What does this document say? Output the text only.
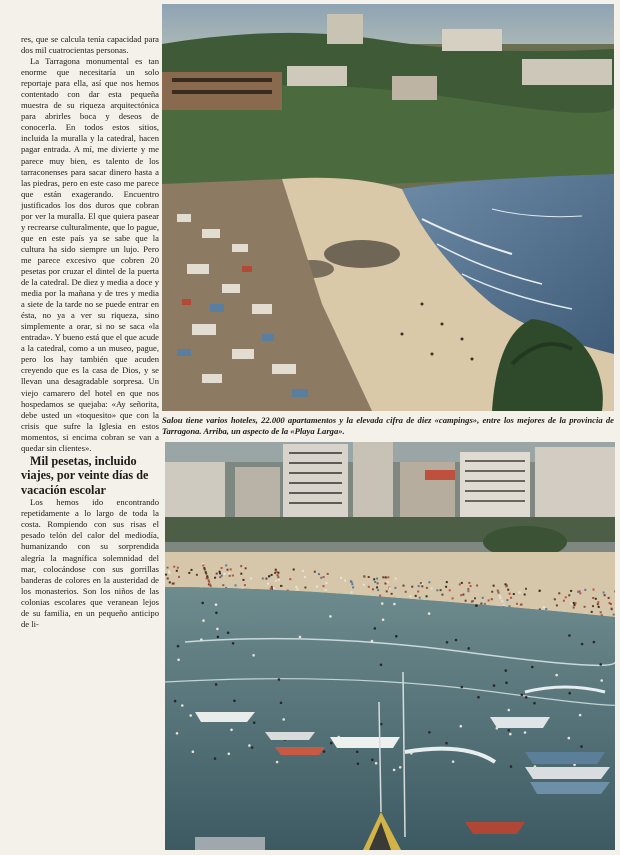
res, que se calcula tenía capacidad para dos mil cuatrocientas personas.

La Tarragona monumental es tan enorme que necesitaría un solo reportaje para ella, así que nos hemos contentado con dar esta pequeña muestra de su riqueza arquitectónica para abrirles boca y deseos de conocerla. En todos estos sitios, incluida la muralla y la catedral, hacen pagar entrada. A mí, me divierte y me parece muy bien, es talento de los tarraconenses para sacar dinero hasta a las piedras, pero en este caso me parece que están exagerando. Encuentro justificados los dos duros que cobran por ver la muralla. El que quiera pasear y recrearse culturalmente, que lo pague, que en este país ya se sabe que la cultura ha sido siempre un lujo. Pero me parece excesivo que cobren 20 pesetas por cruzar el dintel de la puerta de la catedral. De diez y media a doce y media por la mañana y de tres y media a siete de la tarde no se puede entrar en ésta, no ya a ver su riqueza, sino simplemente a orar, si no se saca «la entrada». Y bueno está que el que acude a la catedral, como a un museo, pague, pero los hay también que acuden creyendo que es la casa de Dios, y se llevan una desagradable sorpresa. Un viejo camarero del hotel en que nos hospedamos se quejaba: «Ay señorita, debe usted un «toquesito» que con la crisis que sufre la Iglesia en estos momentos, si encima cobran se van a quedar sin clientes».

Mil pesetas, incluido viajes, por veinte días de vacación escolar

Los hemos ido encontrando repetidamente a lo largo de toda la costa. Rompiendo con sus risas el pesado telón del calor del mediodía, humanizando con su sorprendida alegría la magnífica solemnidad del mar, colocándose con sus gorrillas banderas de colores en la austeridad de los monasterios. Son los niños de las colonias escolares que veranean lejos de su familia, en un pequeño anticipo de li-

Salou tiene varios hoteles, 22.000 apartamentos y la elevada cifra de diez «campings», entre los mejores de la provincia de Tarragona. Arriba, un aspecto de la «Playa Larga».
